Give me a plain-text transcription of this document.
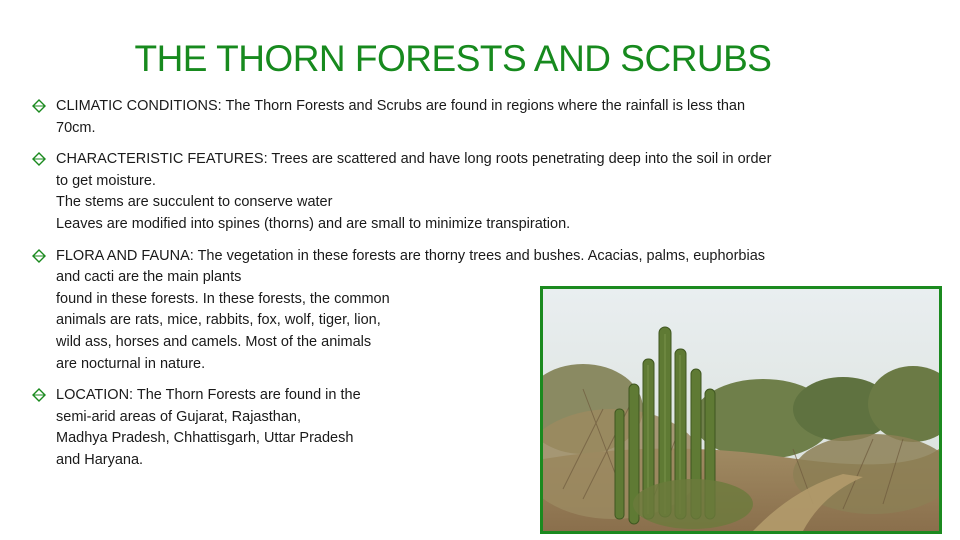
THE THORN FORESTS AND SCRUBS
CLIMATIC CONDITIONS: The Thorn Forests and Scrubs are found in regions where the rainfall is less than
70cm.
CHARACTERISTIC FEATURES: Trees are scattered and have long roots penetrating deep into the soil in order
to get moisture.
The stems are succulent to conserve water
Leaves are modified into spines (thorns) and are small to minimize transpiration.
FLORA AND FAUNA: The vegetation in these forests are thorny trees and bushes. Acacias, palms, euphorbias
and cacti are the main plants
found in these forests. In these forests, the common
animals are rats, mice, rabbits, fox, wolf, tiger, lion,
wild ass, horses and camels. Most of the animals
are nocturnal in nature.
LOCATION: The Thorn Forests are found in the
semi-arid areas of Gujarat, Rajasthan,
Madhya Pradesh, Chhattisgarh, Uttar Pradesh
and Haryana.
